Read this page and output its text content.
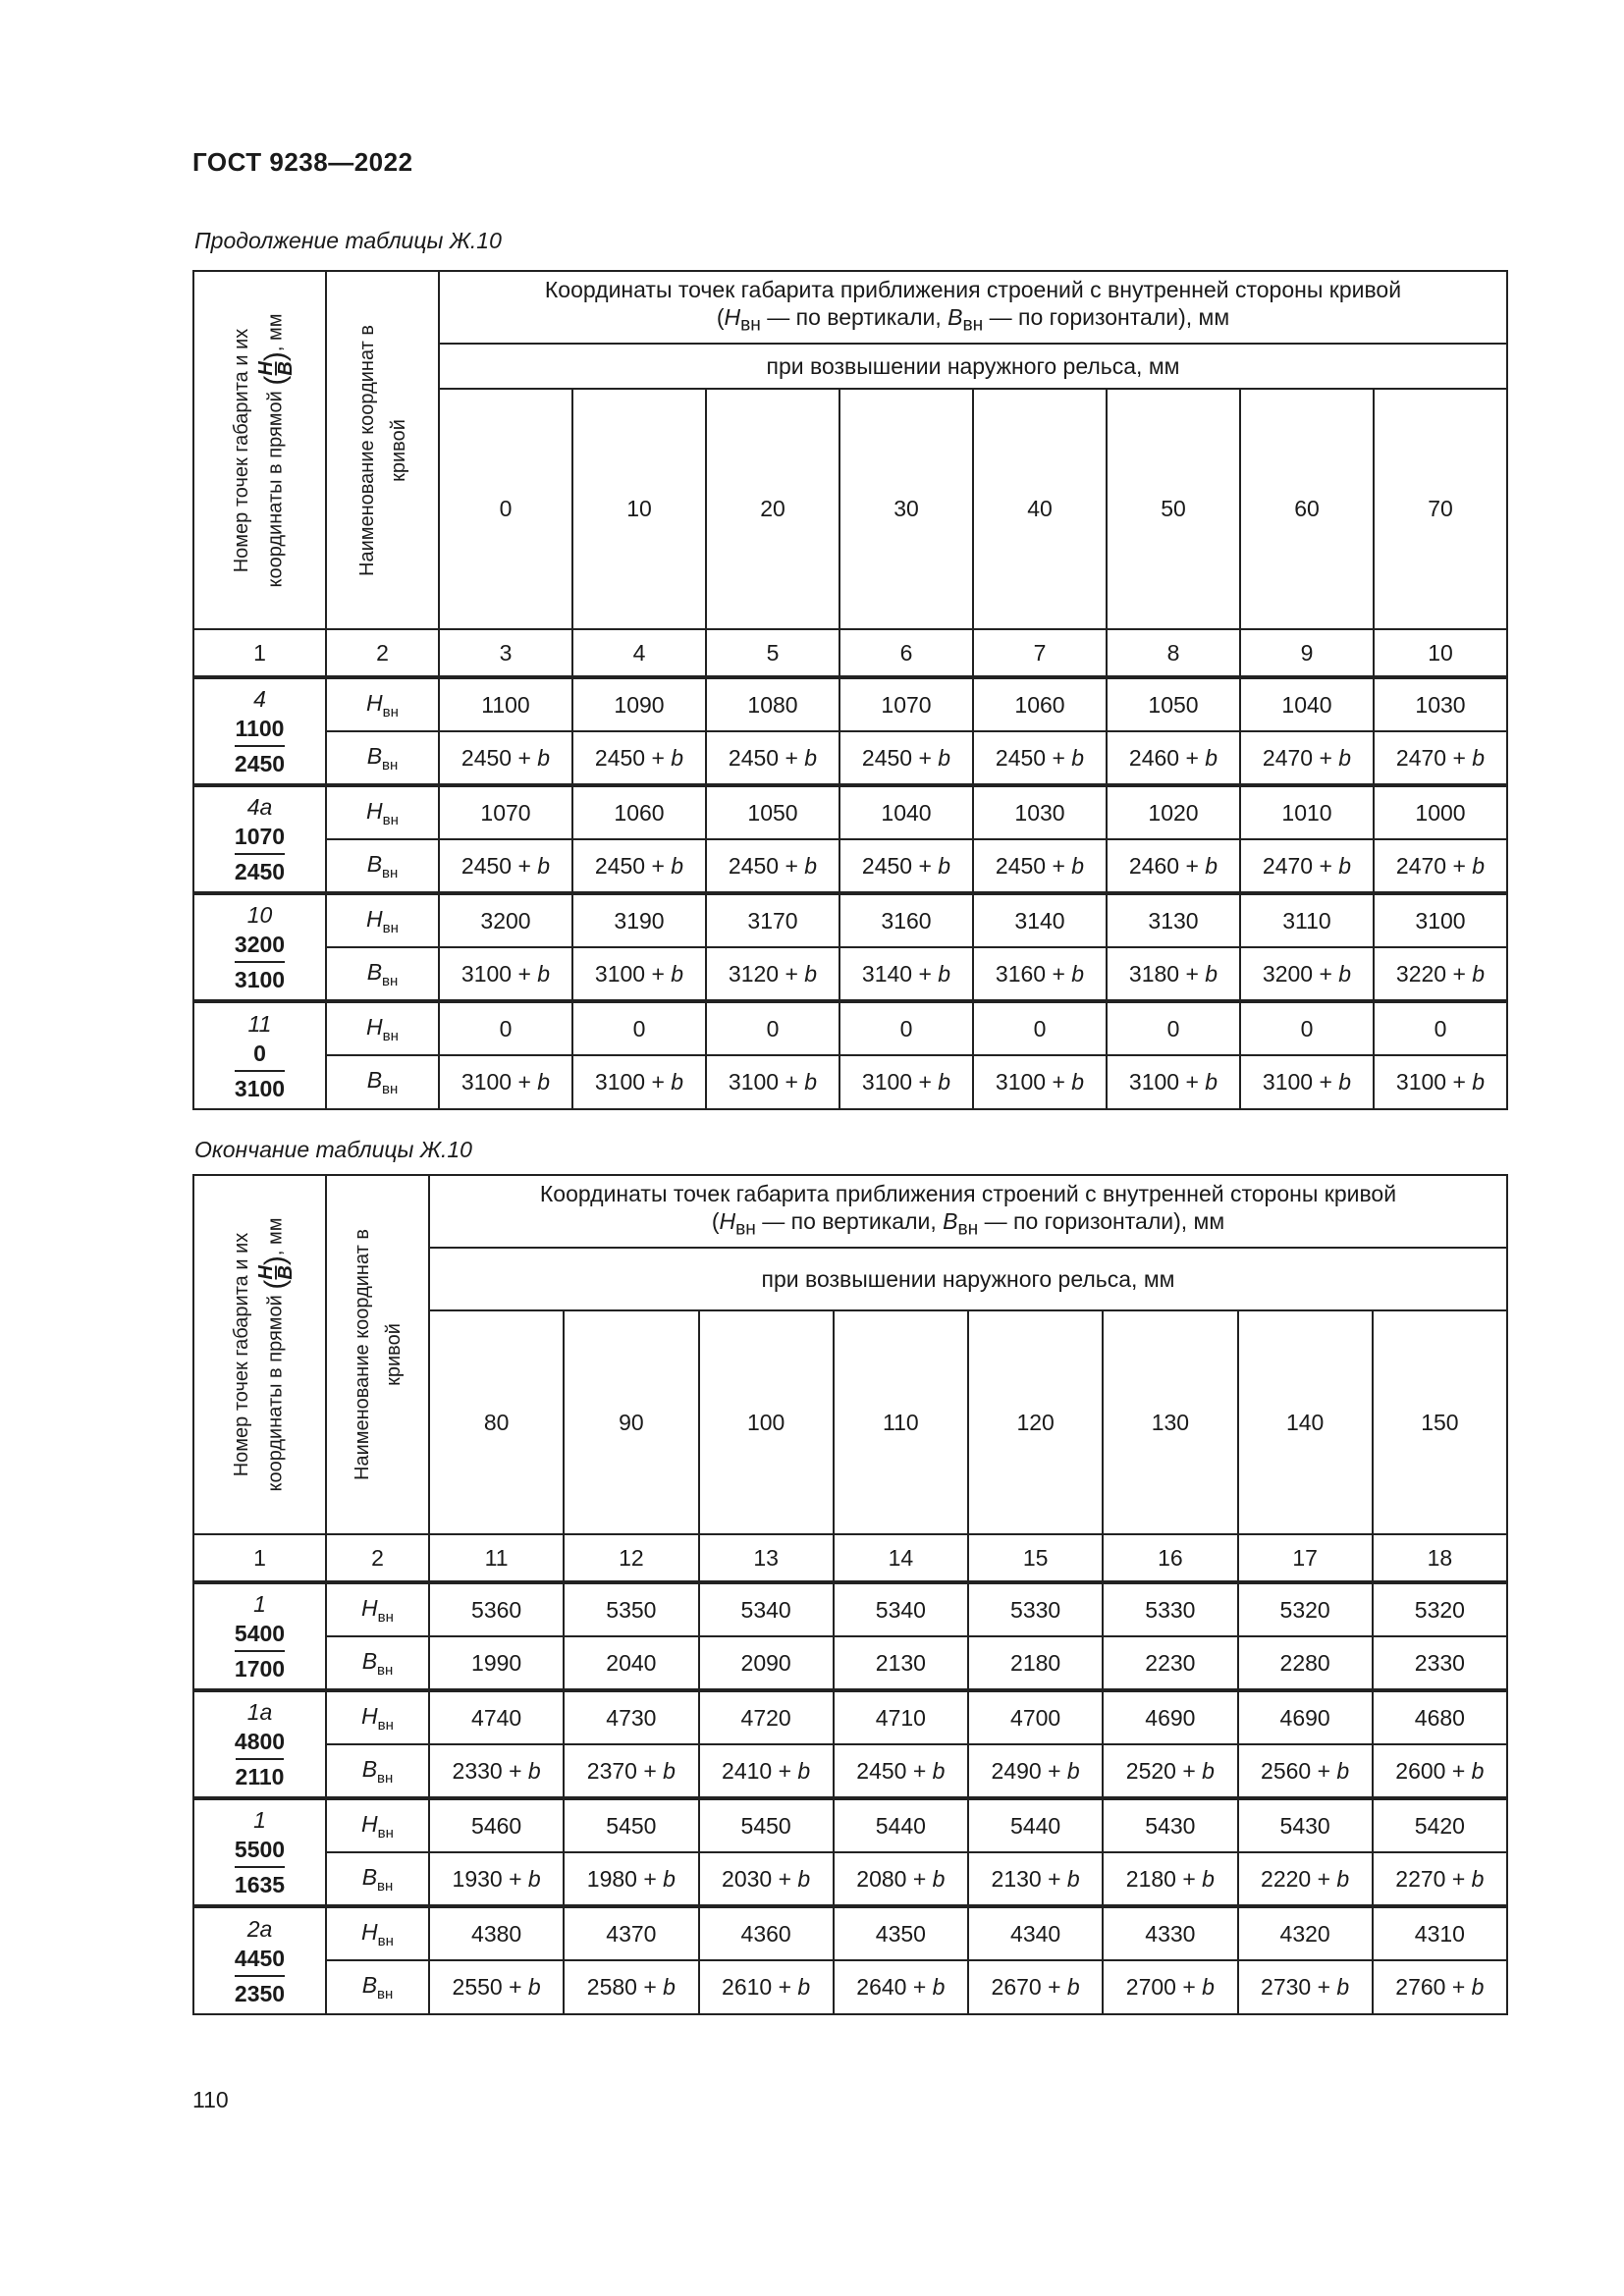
ГОСТ 9238—2022
Продолжение таблицы Ж.10
Номер точек габарита и их координаты в прямой (
H
B
), мм	Наименование координат в кривой	Координаты точек габарита приближения строений с внутренней стороны кривой
($H_{вн}$ — по вертикали, $B_{вн}$ — по горизонтали), мм							
		при возвышении наружного рельса, мм							
		0	10	20	30	40	50	60	70
1	2	3	4	5	6	7	8	9	10

4
1100
2450	$H_{вн}$	1100	1090	1080	1070	1060	1050	1040	1030
	$B_{вн}$	2450 + b	2450 + b	2450 + b	2450 + b	2450 + b	2460 + b	2470 + b	2470 + b

4а
1070
2450	$H_{вн}$	1070	1060	1050	1040	1030	1020	1010	1000
	$B_{вн}$	2450 + b	2450 + b	2450 + b	2450 + b	2450 + b	2460 + b	2470 + b	2470 + b

10
3200
3100	$H_{вн}$	3200	3190	3170	3160	3140	3130	3110	3100
	$B_{вн}$	3100 + b	3100 + b	3120 + b	3140 + b	3160 + b	3180 + b	3200 + b	3220 + b

11
0
3100	$H_{вн}$	0	0	0	0	0	0	0	0
	$B_{вн}$	3100 + b	3100 + b	3100 + b	3100 + b	3100 + b	3100 + b	3100 + b	3100 + b
Окончание таблицы Ж.10
Номер точек габарита и их координаты в прямой (
H
B
), мм	Наименование координат в кривой	Координаты точек габарита приближения строений с внутренней стороны кривой
($H_{вн}$ — по вертикали, $B_{вн}$ — по горизонтали), мм							
		при возвышении наружного рельса, мм							
		80	90	100	110	120	130	140	150
1	2	11	12	13	14	15	16	17	18

1
5400
1700	$H_{вн}$	5360	5350	5340	5340	5330	5330	5320	5320
	$B_{вн}$	1990	2040	2090	2130	2180	2230	2280	2330

1а
4800
2110	$H_{вн}$	4740	4730	4720	4710	4700	4690	4690	4680
	$B_{вн}$	2330 + b	2370 + b	2410 + b	2450 + b	2490 + b	2520 + b	2560 + b	2600 + b

1
5500
1635	$H_{вн}$	5460	5450	5450	5440	5440	5430	5430	5420
	$B_{вн}$	1930 + b	1980 + b	2030 + b	2080 + b	2130 + b	2180 + b	2220 + b	2270 + b

2а
4450
2350	$H_{вн}$	4380	4370	4360	4350	4340	4330	4320	4310
	$B_{вн}$	2550 + b	2580 + b	2610 + b	2640 + b	2670 + b	2700 + b	2730 + b	2760 + b
110
